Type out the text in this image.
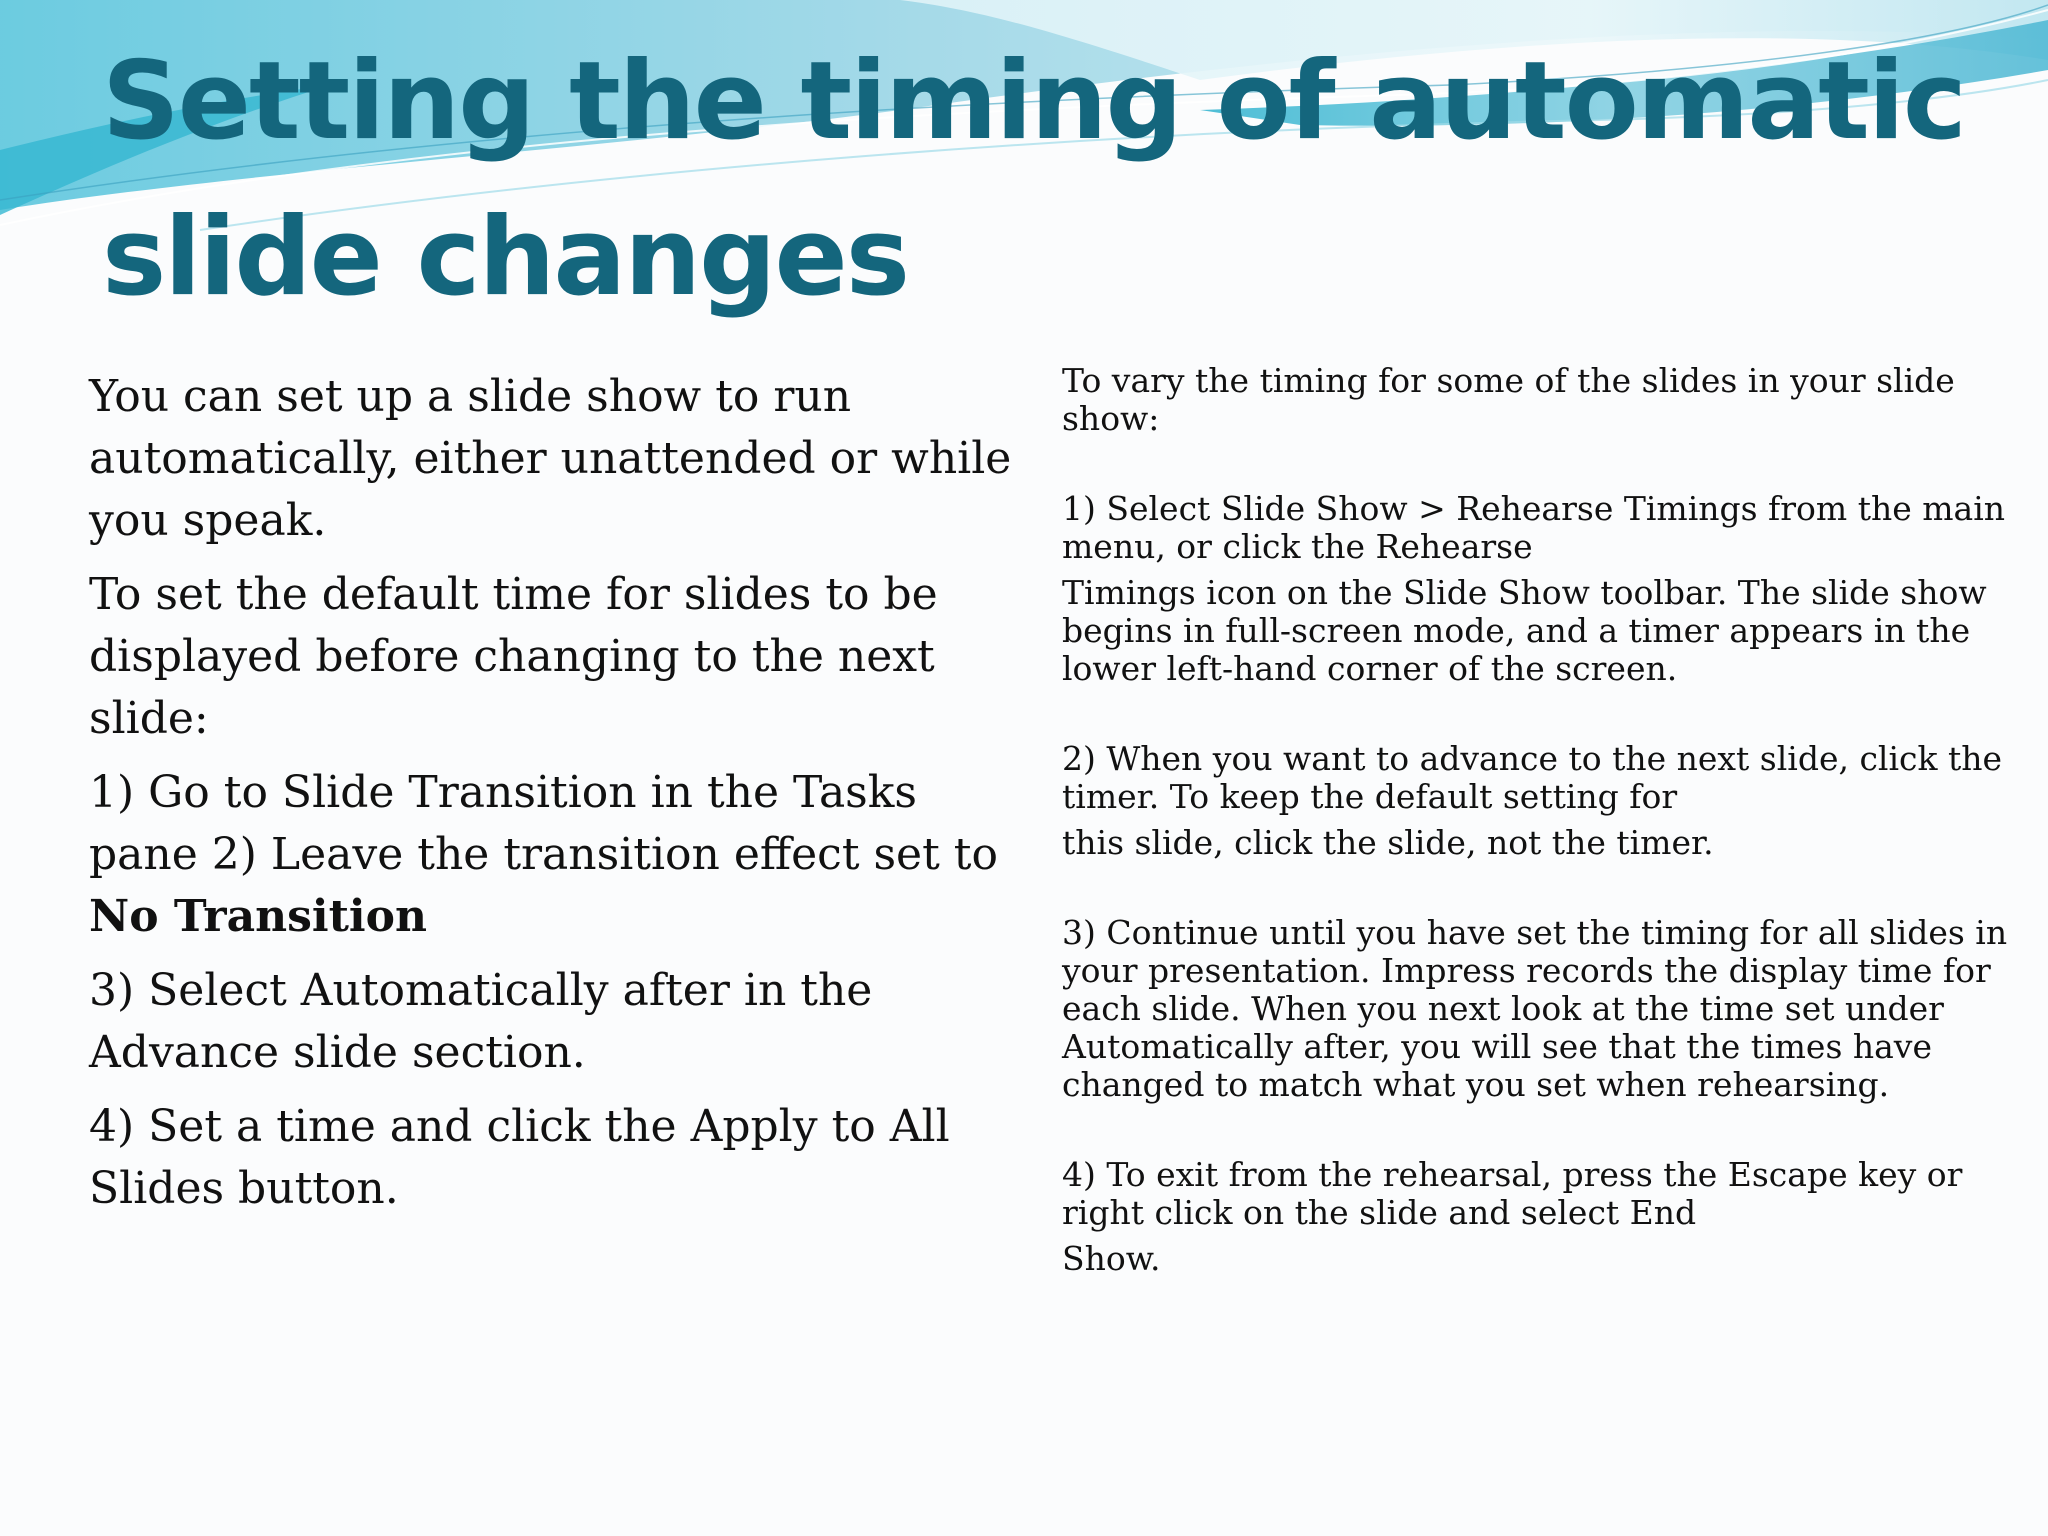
Setting the timing of automatic slide changes

You can set up a slide show to run automatically, either unattended or while you speak.

To set the default time for slides to be displayed before changing to the next slide:

1) Go to Slide Transition in the Tasks pane 2) Leave the transition effect set to No Transition

3) Select Automatically after in the Advance slide section.

4) Set a time and click the Apply to All Slides button.

To vary the timing for some of the slides in your slide show:

1) Select Slide Show > Rehearse Timings from the main menu, or click the Rehearse

Timings icon on the Slide Show toolbar. The slide show begins in full-screen mode, and a timer appears in the lower left-hand corner of the screen.

2) When you want to advance to the next slide, click the timer. To keep the default setting for

this slide, click the slide, not the timer.

3) Continue until you have set the timing for all slides in your presentation. Impress records the display time for each slide. When you next look at the time set under Automatically after, you will see that the times have changed to match what you set when rehearsing.

4) To exit from the rehearsal, press the Escape key or right click on the slide and select End

Show.
